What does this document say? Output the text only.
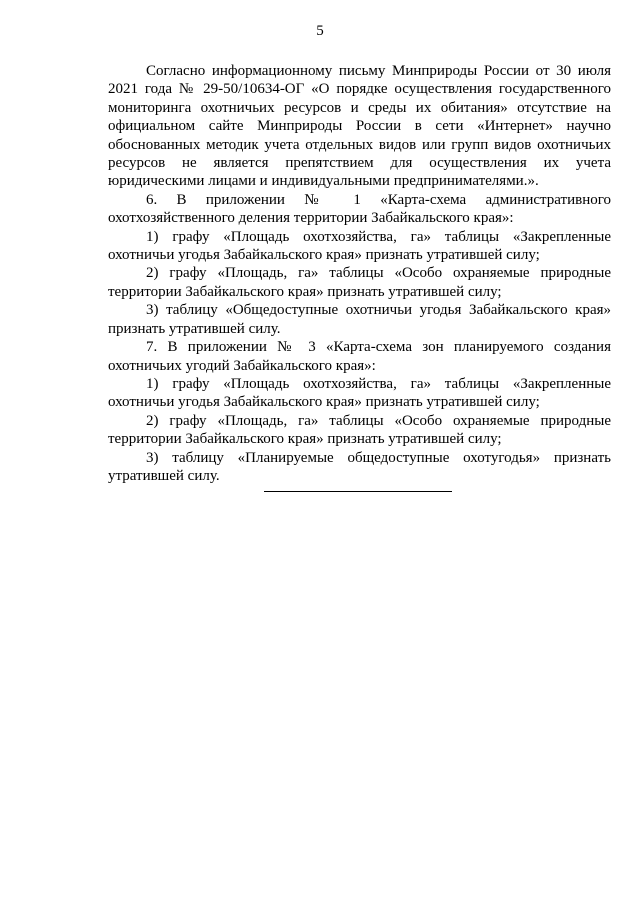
5

Согласно информационному письму Минприроды России от 30 июля 2021 года № 29-50/10634-ОГ «О порядке осуществления государственного мониторинга охотничьих ресурсов и среды их обитания» отсутствие на официальном сайте Минприроды России в сети «Интернет» научно обоснованных методик учета отдельных видов или групп видов охотничьих ресурсов не является препятствием для осуществления их учета юридическими лицами и индивидуальными предпринимателями.».

6. В приложении № 1 «Карта-схема административного охотхозяйственного деления территории Забайкальского края»:

1) графу «Площадь охотхозяйства, га» таблицы «Закрепленные охотничьи угодья Забайкальского края» признать утратившей силу;

2) графу «Площадь, га» таблицы «Особо охраняемые природные территории Забайкальского края» признать утратившей силу;

3) таблицу «Общедоступные охотничьи угодья Забайкальского края» признать утратившей силу.

7. В приложении № 3 «Карта-схема зон планируемого создания охотничьих угодий Забайкальского края»:

1) графу «Площадь охотхозяйства, га» таблицы «Закрепленные охотничьи угодья Забайкальского края» признать утратившей силу;

2) графу «Площадь, га» таблицы «Особо охраняемые природные территории Забайкальского края» признать утратившей силу;

3) таблицу «Планируемые общедоступные охотугодья» признать утратившей силу.
